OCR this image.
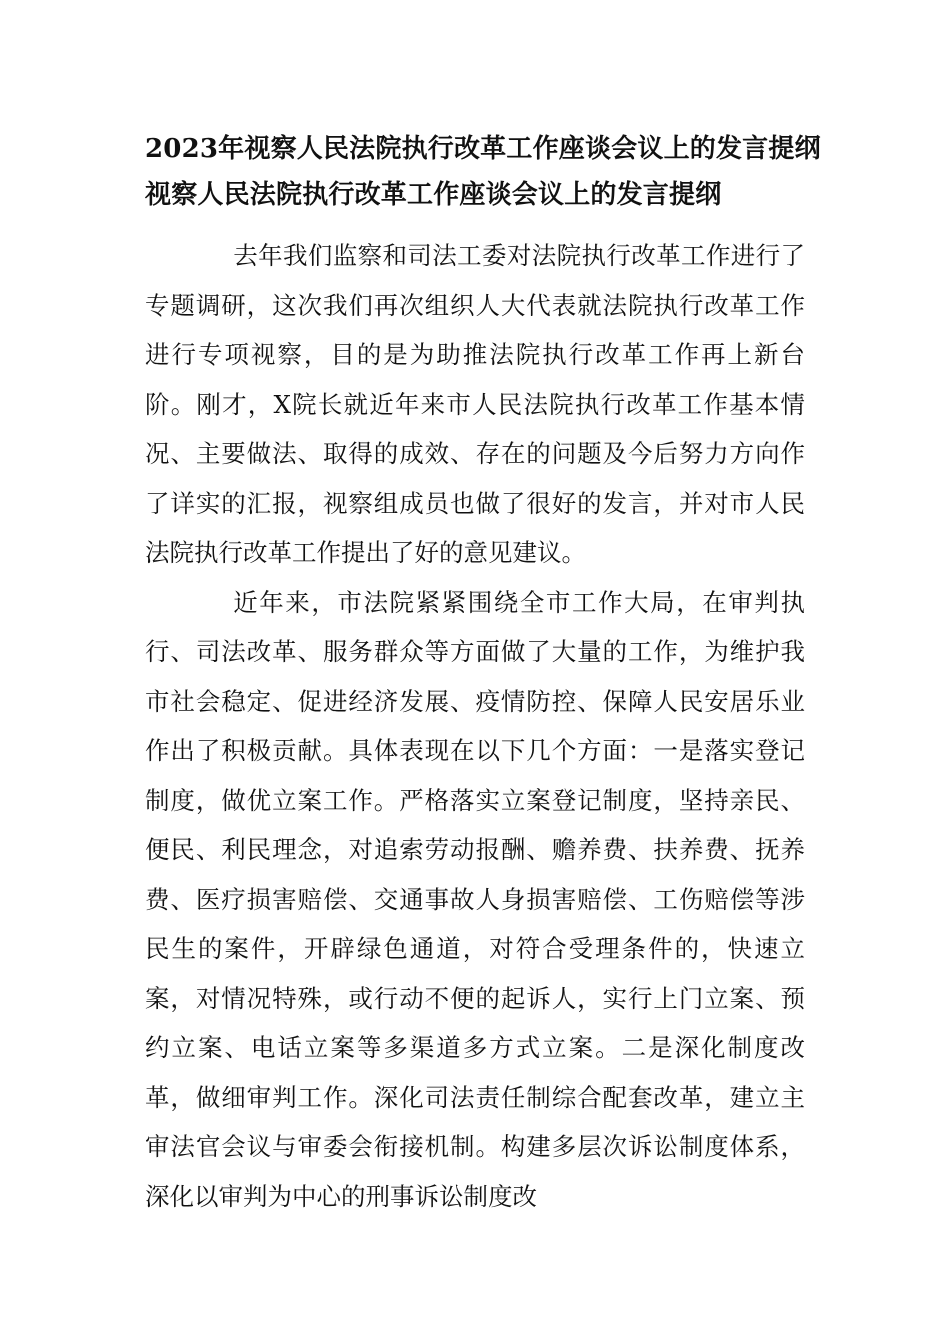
2023年视察人民法院执行改革工作座谈会议上的发言提纲
视察人民法院执行改革工作座谈会议上的发言提纲

去年我们监察和司法工委对法院执行改革工作进行了专题调研，这次我们再次组织人大代表就法院执行改革工作进行专项视察，目的是为助推法院执行改革工作再上新台阶。刚才，X院长就近年来市人民法院执行改革工作基本情况、主要做法、取得的成效、存在的问题及今后努力方向作了详实的汇报，视察组成员也做了很好的发言，并对市人民法院执行改革工作提出了好的意见建议。

近年来，市法院紧紧围绕全市工作大局，在审判执行、司法改革、服务群众等方面做了大量的工作，为维护我市社会稳定、促进经济发展、疫情防控、保障人民安居乐业作出了积极贡献。具体表现在以下几个方面：一是落实登记制度，做优立案工作。严格落实立案登记制度，坚持亲民、便民、利民理念，对追索劳动报酬、赡养费、扶养费、抚养费、医疗损害赔偿、交通事故人身损害赔偿、工伤赔偿等涉民生的案件，开辟绿色通道，对符合受理条件的，快速立案，对情况特殊，或行动不便的起诉人，实行上门立案、预约立案、电话立案等多渠道多方式立案。二是深化制度改革，做细审判工作。深化司法责任制综合配套改革，建立主审法官会议与审委会衔接机制。构建多层次诉讼制度体系，深化以审判为中心的刑事诉讼制度改
